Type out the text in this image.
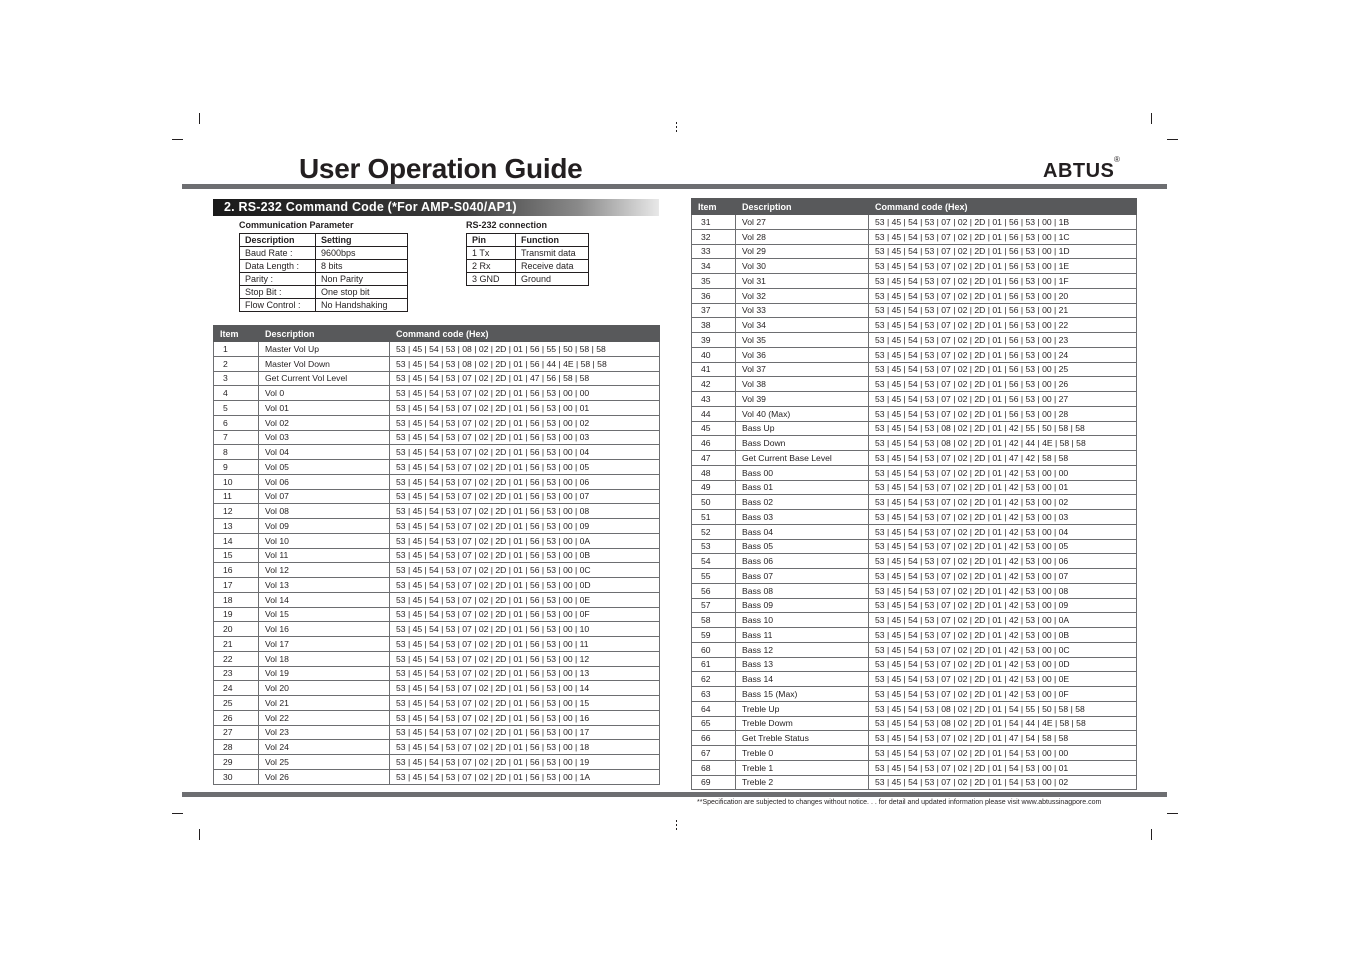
User Operation Guide	ABTUS
®
2. RS-232 Command Code (*For AMP-S040/AP1)
Communication Parameter
Description	Setting
Baud Rate :	9600bps
Data Length :	8 bits
Parity :	Non Parity
Stop Bit :	One stop bit
Flow Control :	No Handshaking
RS-232 connection
Pin	Function
1 Tx	Transmit data
2 Rx	Receive data
3 GND	Ground
Item	Description	Command code (Hex)
1	Master Vol Up	53 | 45 | 54 | 53 | 08 | 02 | 2D | 01 | 56 | 55 | 50 | 58 | 58
2	Master Vol Down	53 | 45 | 54 | 53 | 08 | 02 | 2D | 01 | 56 | 44 | 4E | 58 | 58
3	Get Current Vol Level	53 | 45 | 54 | 53 | 07 | 02 | 2D | 01 | 47 | 56 | 58 | 58
4	Vol 0	53 | 45 | 54 | 53 | 07 | 02 | 2D | 01 | 56 | 53 | 00 | 00
5	Vol 01	53 | 45 | 54 | 53 | 07 | 02 | 2D | 01 | 56 | 53 | 00 | 01
6	Vol 02	53 | 45 | 54 | 53 | 07 | 02 | 2D | 01 | 56 | 53 | 00 | 02
7	Vol 03	53 | 45 | 54 | 53 | 07 | 02 | 2D | 01 | 56 | 53 | 00 | 03
8	Vol 04	53 | 45 | 54 | 53 | 07 | 02 | 2D | 01 | 56 | 53 | 00 | 04
9	Vol 05	53 | 45 | 54 | 53 | 07 | 02 | 2D | 01 | 56 | 53 | 00 | 05
10	Vol 06	53 | 45 | 54 | 53 | 07 | 02 | 2D | 01 | 56 | 53 | 00 | 06
11	Vol 07	53 | 45 | 54 | 53 | 07 | 02 | 2D | 01 | 56 | 53 | 00 | 07
12	Vol 08	53 | 45 | 54 | 53 | 07 | 02 | 2D | 01 | 56 | 53 | 00 | 08
13	Vol 09	53 | 45 | 54 | 53 | 07 | 02 | 2D | 01 | 56 | 53 | 00 | 09
14	Vol 10	53 | 45 | 54 | 53 | 07 | 02 | 2D | 01 | 56 | 53 | 00 | 0A
15	Vol 11	53 | 45 | 54 | 53 | 07 | 02 | 2D | 01 | 56 | 53 | 00 | 0B
16	Vol 12	53 | 45 | 54 | 53 | 07 | 02 | 2D | 01 | 56 | 53 | 00 | 0C
17	Vol 13	53 | 45 | 54 | 53 | 07 | 02 | 2D | 01 | 56 | 53 | 00 | 0D
18	Vol 14	53 | 45 | 54 | 53 | 07 | 02 | 2D | 01 | 56 | 53 | 00 | 0E
19	Vol 15	53 | 45 | 54 | 53 | 07 | 02 | 2D | 01 | 56 | 53 | 00 | 0F
20	Vol 16	53 | 45 | 54 | 53 | 07 | 02 | 2D | 01 | 56 | 53 | 00 | 10
21	Vol 17	53 | 45 | 54 | 53 | 07 | 02 | 2D | 01 | 56 | 53 | 00 | 11
22	Vol 18	53 | 45 | 54 | 53 | 07 | 02 | 2D | 01 | 56 | 53 | 00 | 12
23	Vol 19	53 | 45 | 54 | 53 | 07 | 02 | 2D | 01 | 56 | 53 | 00 | 13
24	Vol 20	53 | 45 | 54 | 53 | 07 | 02 | 2D | 01 | 56 | 53 | 00 | 14
25	Vol 21	53 | 45 | 54 | 53 | 07 | 02 | 2D | 01 | 56 | 53 | 00 | 15
26	Vol 22	53 | 45 | 54 | 53 | 07 | 02 | 2D | 01 | 56 | 53 | 00 | 16
27	Vol 23	53 | 45 | 54 | 53 | 07 | 02 | 2D | 01 | 56 | 53 | 00 | 17
28	Vol 24	53 | 45 | 54 | 53 | 07 | 02 | 2D | 01 | 56 | 53 | 00 | 18
29	Vol 25	53 | 45 | 54 | 53 | 07 | 02 | 2D | 01 | 56 | 53 | 00 | 19
30	Vol 26	53 | 45 | 54 | 53 | 07 | 02 | 2D | 01 | 56 | 53 | 00 | 1A
Item	Description	Command code (Hex)
31	Vol 27	53 | 45 | 54 | 53 | 07 | 02 | 2D | 01 | 56 | 53 | 00 | 1B
32	Vol 28	53 | 45 | 54 | 53 | 07 | 02 | 2D | 01 | 56 | 53 | 00 | 1C
33	Vol 29	53 | 45 | 54 | 53 | 07 | 02 | 2D | 01 | 56 | 53 | 00 | 1D
34	Vol 30	53 | 45 | 54 | 53 | 07 | 02 | 2D | 01 | 56 | 53 | 00 | 1E
35	Vol 31	53 | 45 | 54 | 53 | 07 | 02 | 2D | 01 | 56 | 53 | 00 | 1F
36	Vol 32	53 | 45 | 54 | 53 | 07 | 02 | 2D | 01 | 56 | 53 | 00 | 20
37	Vol 33	53 | 45 | 54 | 53 | 07 | 02 | 2D | 01 | 56 | 53 | 00 | 21
38	Vol 34	53 | 45 | 54 | 53 | 07 | 02 | 2D | 01 | 56 | 53 | 00 | 22
39	Vol 35	53 | 45 | 54 | 53 | 07 | 02 | 2D | 01 | 56 | 53 | 00 | 23
40	Vol 36	53 | 45 | 54 | 53 | 07 | 02 | 2D | 01 | 56 | 53 | 00 | 24
41	Vol 37	53 | 45 | 54 | 53 | 07 | 02 | 2D | 01 | 56 | 53 | 00 | 25
42	Vol 38	53 | 45 | 54 | 53 | 07 | 02 | 2D | 01 | 56 | 53 | 00 | 26
43	Vol 39	53 | 45 | 54 | 53 | 07 | 02 | 2D | 01 | 56 | 53 | 00 | 27
44	Vol 40 (Max)	53 | 45 | 54 | 53 | 07 | 02 | 2D | 01 | 56 | 53 | 00 | 28
45	Bass Up	53 | 45 | 54 | 53 | 08 | 02 | 2D | 01 | 42 | 55 | 50 | 58 | 58
46	Bass Down	53 | 45 | 54 | 53 | 08 | 02 | 2D | 01 | 42 | 44 | 4E | 58 | 58
47	Get Current Base Level	53 | 45 | 54 | 53 | 07 | 02 | 2D | 01 | 47 | 42 | 58 | 58
48	Bass 00	53 | 45 | 54 | 53 | 07 | 02 | 2D | 01 | 42 | 53 | 00 | 00
49	Bass 01	53 | 45 | 54 | 53 | 07 | 02 | 2D | 01 | 42 | 53 | 00 | 01
50	Bass 02	53 | 45 | 54 | 53 | 07 | 02 | 2D | 01 | 42 | 53 | 00 | 02
51	Bass 03	53 | 45 | 54 | 53 | 07 | 02 | 2D | 01 | 42 | 53 | 00 | 03
52	Bass 04	53 | 45 | 54 | 53 | 07 | 02 | 2D | 01 | 42 | 53 | 00 | 04
53	Bass 05	53 | 45 | 54 | 53 | 07 | 02 | 2D | 01 | 42 | 53 | 00 | 05
54	Bass 06	53 | 45 | 54 | 53 | 07 | 02 | 2D | 01 | 42 | 53 | 00 | 06
55	Bass 07	53 | 45 | 54 | 53 | 07 | 02 | 2D | 01 | 42 | 53 | 00 | 07
56	Bass 08	53 | 45 | 54 | 53 | 07 | 02 | 2D | 01 | 42 | 53 | 00 | 08
57	Bass 09	53 | 45 | 54 | 53 | 07 | 02 | 2D | 01 | 42 | 53 | 00 | 09
58	Bass 10	53 | 45 | 54 | 53 | 07 | 02 | 2D | 01 | 42 | 53 | 00 | 0A
59	Bass 11	53 | 45 | 54 | 53 | 07 | 02 | 2D | 01 | 42 | 53 | 00 | 0B
60	Bass 12	53 | 45 | 54 | 53 | 07 | 02 | 2D | 01 | 42 | 53 | 00 | 0C
61	Bass 13	53 | 45 | 54 | 53 | 07 | 02 | 2D | 01 | 42 | 53 | 00 | 0D
62	Bass 14	53 | 45 | 54 | 53 | 07 | 02 | 2D | 01 | 42 | 53 | 00 | 0E
63	Bass 15 (Max)	53 | 45 | 54 | 53 | 07 | 02 | 2D | 01 | 42 | 53 | 00 | 0F
64	Treble Up	53 | 45 | 54 | 53 | 08 | 02 | 2D | 01 | 54 | 55 | 50 | 58 | 58
65	Treble Dowm	53 | 45 | 54 | 53 | 08 | 02 | 2D | 01 | 54 | 44 | 4E | 58 | 58
66	Get Treble Status	53 | 45 | 54 | 53 | 07 | 02 | 2D | 01 | 47 | 54 | 58 | 58
67	Treble 0	53 | 45 | 54 | 53 | 07 | 02 | 2D | 01 | 54 | 53 | 00 | 00
68	Treble 1	53 | 45 | 54 | 53 | 07 | 02 | 2D | 01 | 54 | 53 | 00 | 01
69	Treble 2	53 | 45 | 54 | 53 | 07 | 02 | 2D | 01 | 54 | 53 | 00 | 02
**Specification are subjected to changes without notice. . . for detail and updated information please visit www.abtussinagpore.com
